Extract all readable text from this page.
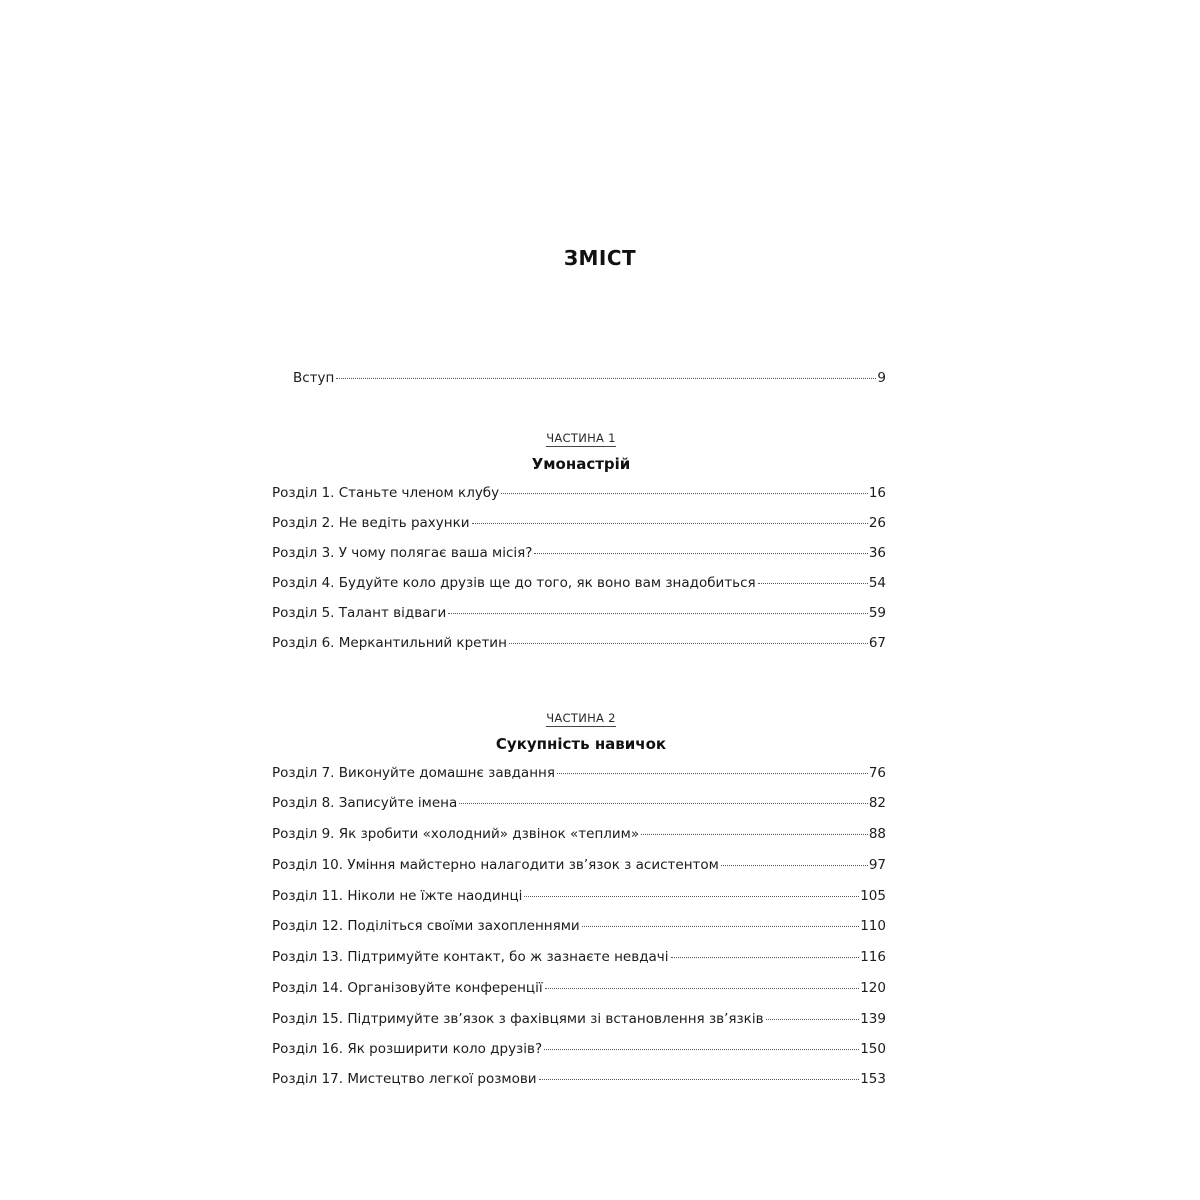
ЗМІСТ
Вступ	9
ЧАСТИНА 1
Умонастрій
Розділ 1. Станьте членом клубу	16
Розділ 2. Не ведіть рахунки	26
Розділ 3. У чому полягає ваша місія?	36
Розділ 4. Будуйте коло друзів ще до того, як воно вам знадобиться	54
Розділ 5. Талант відваги	59
Розділ 6. Меркантильний кретин	67
ЧАСТИНА 2
Сукупність навичок
Розділ 7. Виконуйте домашнє завдання	76
Розділ 8. Записуйте імена	82
Розділ 9. Як зробити «холодний» дзвінок «теплим»	88
Розділ 10. Уміння майстерно налагодити зв’язок з асистентом	97
Розділ 11. Ніколи не їжте наодинці	105
Розділ 12. Поділіться своїми захопленнями	110
Розділ 13. Підтримуйте контакт, бо ж зазнаєте невдачі	116
Розділ 14. Організовуйте конференції	120
Розділ 15. Підтримуйте зв’язок з фахівцями зі встановлення зв’язків	139
Розділ 16. Як розширити коло друзів?	150
Розділ 17. Мистецтво легкої розмови	153
